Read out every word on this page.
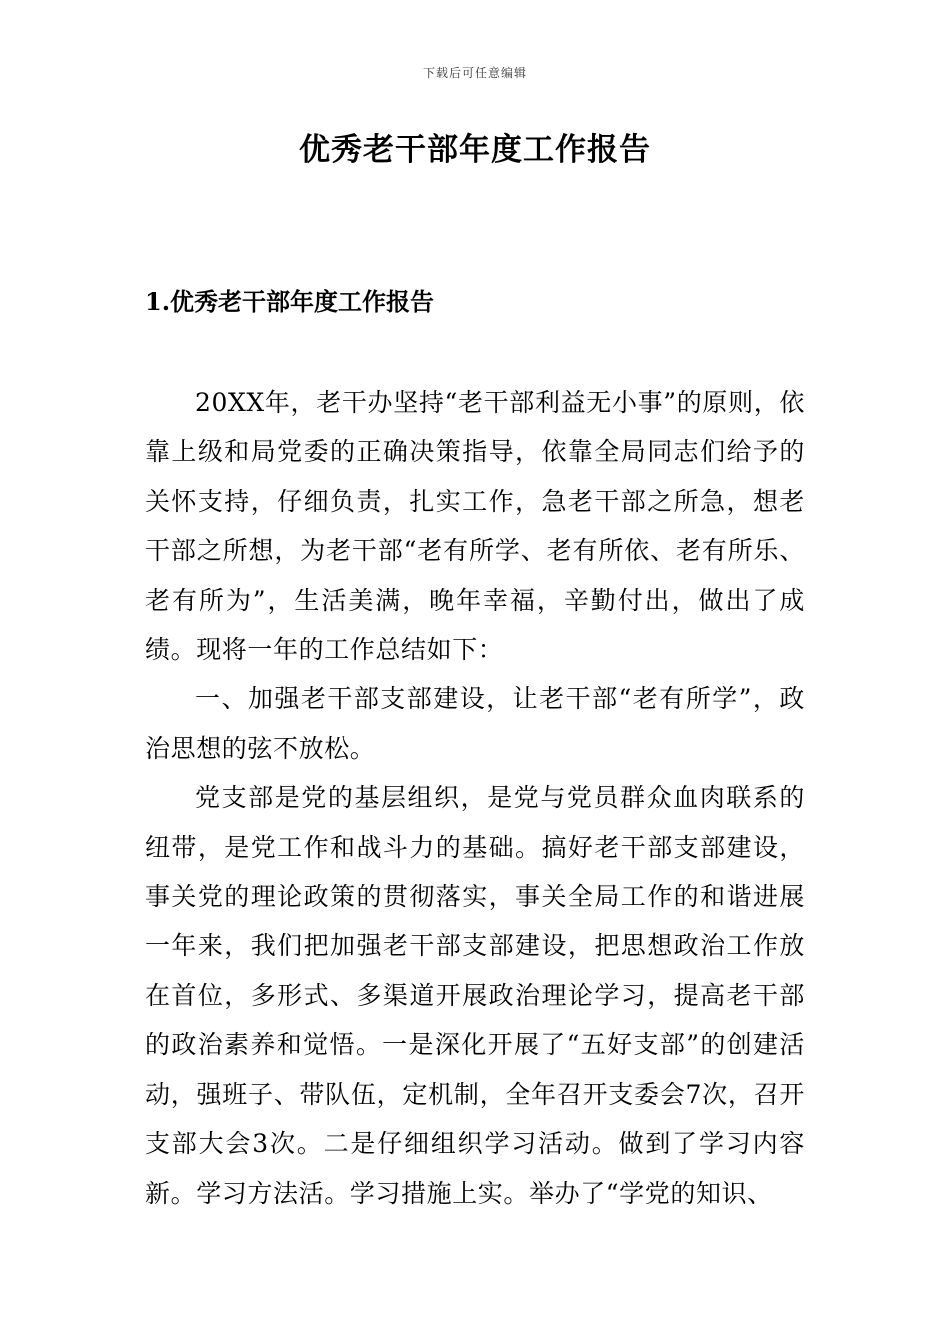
下载后可任意编辑
优秀老干部年度工作报告
1.优秀老干部年度工作报告

20XX年，老干办坚持“老干部利益无小事”的原则，依靠上级和局党委的正确决策指导，依靠全局同志们给予的关怀支持，仔细负责，扎实工作，急老干部之所急，想老干部之所想，为老干部“老有所学、老有所依、老有所乐、老有所为”，生活美满，晚年幸福，辛勤付出，做出了成绩。现将一年的工作总结如下：

一、加强老干部支部建设，让老干部“老有所学”，政治思想的弦不放松。

党支部是党的基层组织，是党与党员群众血肉联系的纽带，是党工作和战斗力的基础。搞好老干部支部建设，事关党的理论政策的贯彻落实，事关全局工作的和谐进展一年来，我们把加强老干部支部建设，把思想政治工作放在首位，多形式、多渠道开展政治理论学习，提高老干部的政治素养和觉悟。一是深化开展了“五好支部”的创建活动，强班子、带队伍，定机制，全年召开支委会7次，召开支部大会3次。二是仔细组织学习活动。做到了学习内容新。学习方法活。学习措施上实。举办了“学党的知识、
